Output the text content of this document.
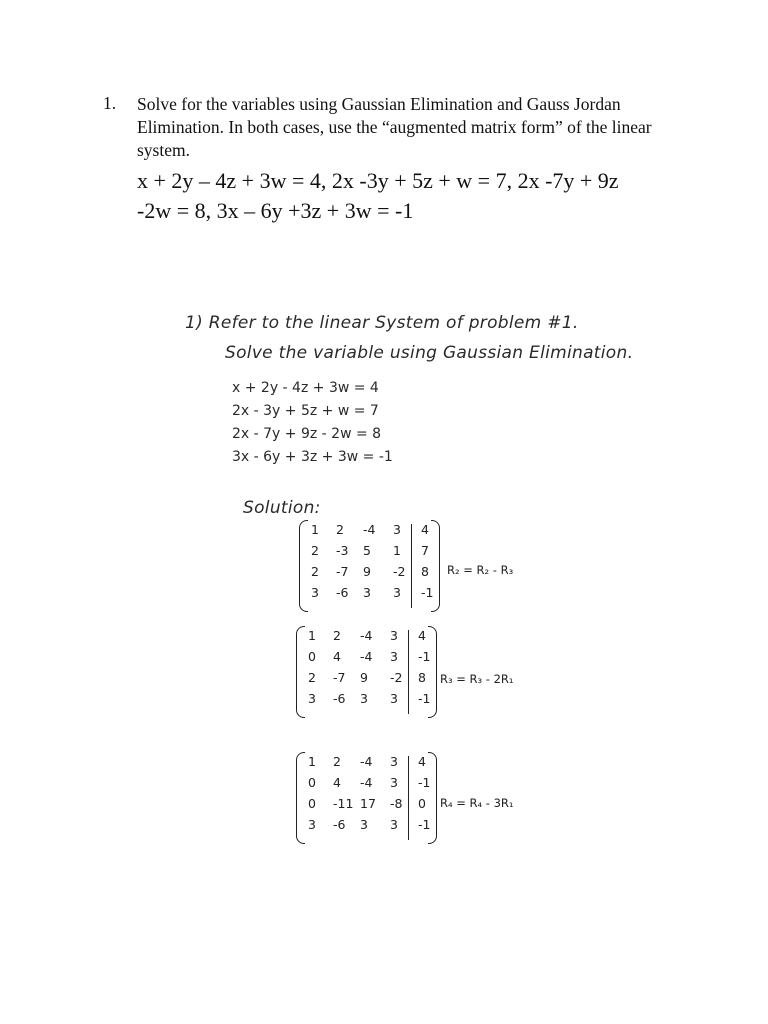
1. Solve for the variables using Gaussian Elimination and Gauss Jordan Elimination. In both cases, use the “augmented matrix form” of the linear system.
x + 2y – 4z + 3w = 4, 2x -3y + 5z + w = 7, 2x -7y + 9z
-2w = 8, 3x – 6y +3z + 3w = -1
1) Refer to the linear System of problem #1.
Solve the variable using Gaussian Elimination.
x + 2y - 4z + 3w = 4
2x - 3y + 5z + w = 7
2x - 7y + 9z - 2w = 8
3x - 6y + 3z + 3w = -1
Solution:
1 2 -4 3 4
2 -3 5 1 7
2 -7 9 -2 8
3 -6 3 3 -1
R₂ = R₂ - R₃
1 2 -4 3 4
0 4 -4 3 -1
2 -7 9 -2 8
3 -6 3 3 -1
R₃ = R₃ - 2R₁
1 2 -4 3 4
0 4 -4 3 -1
0 -11 17 -8 0
3 -6 3 3 -1
R₄ = R₄ - 3R₁
